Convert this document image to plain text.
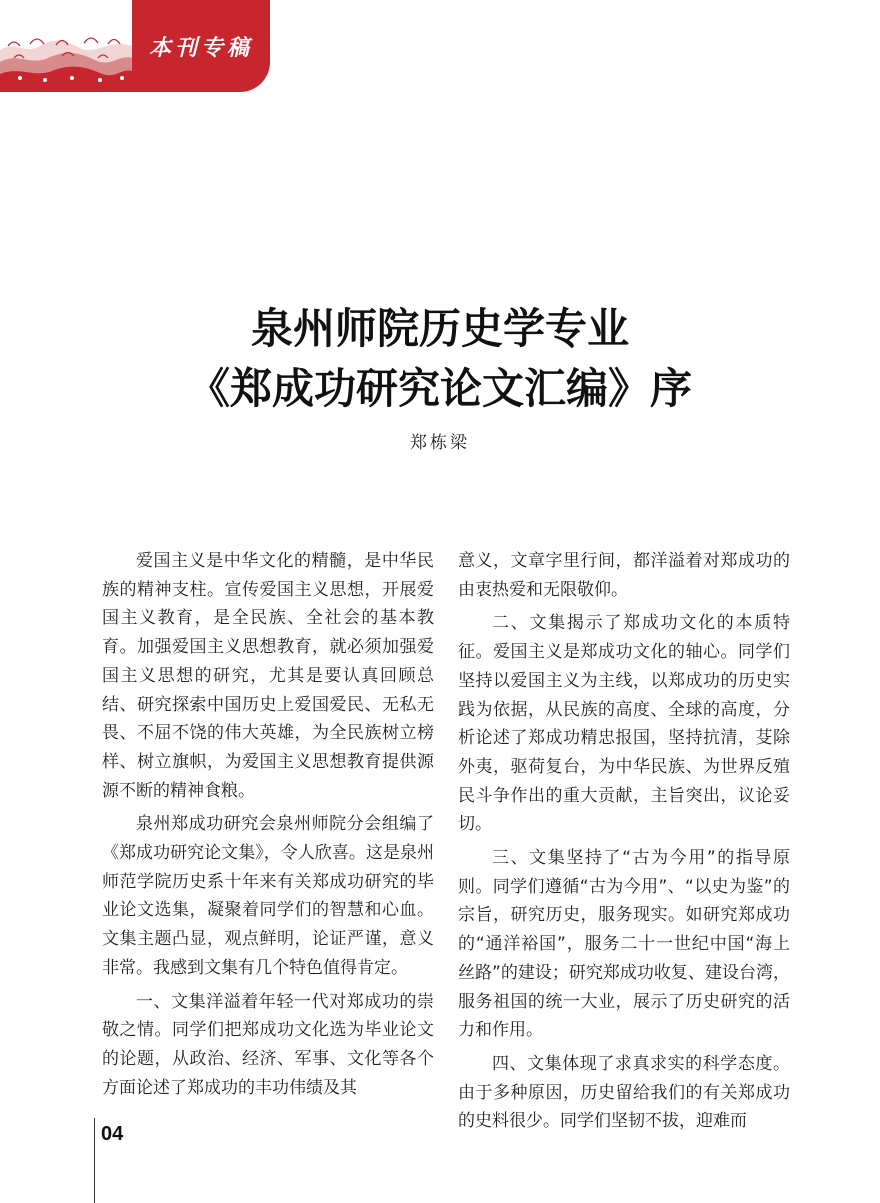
本刊专稿
泉州师院历史学专业
《郑成功研究论文汇编》序
郑栋梁

爱国主义是中华文化的精髓，是中华民族的精神支柱。宣传爱国主义思想，开展爱国主义教育，是全民族、全社会的基本教育。加强爱国主义思想教育，就必须加强爱国主义思想的研究，尤其是要认真回顾总结、研究探索中国历史上爱国爱民、无私无畏、不屈不饶的伟大英雄，为全民族树立榜样、树立旗帜，为爱国主义思想教育提供源源不断的精神食粮。

泉州郑成功研究会泉州师院分会组编了《郑成功研究论文集》，令人欣喜。这是泉州师范学院历史系十年来有关郑成功研究的毕业论文选集，凝聚着同学们的智慧和心血。文集主题凸显，观点鲜明，论证严谨，意义非常。我感到文集有几个特色值得肯定。

一、文集洋溢着年轻一代对郑成功的崇敬之情。同学们把郑成功文化选为毕业论文的论题，从政治、经济、军事、文化等各个方面论述了郑成功的丰功伟绩及其

意义，文章字里行间，都洋溢着对郑成功的由衷热爱和无限敬仰。

二、文集揭示了郑成功文化的本质特征。爱国主义是郑成功文化的轴心。同学们坚持以爱国主义为主线，以郑成功的历史实践为依据，从民族的高度、全球的高度，分析论述了郑成功精忠报国，坚持抗清，芟除外夷，驱荷复台，为中华民族、为世界反殖民斗争作出的重大贡献，主旨突出，议论妥切。

三、文集坚持了“古为今用”的指导原则。同学们遵循“古为今用”、“以史为鉴”的宗旨，研究历史，服务现实。如研究郑成功的“通洋裕国”，服务二十一世纪中国“海上丝路”的建设；研究郑成功收复、建设台湾，服务祖国的统一大业，展示了历史研究的活力和作用。

四、文集体现了求真求实的科学态度。由于多种原因，历史留给我们的有关郑成功的史料很少。同学们坚韧不拔，迎难而

04
